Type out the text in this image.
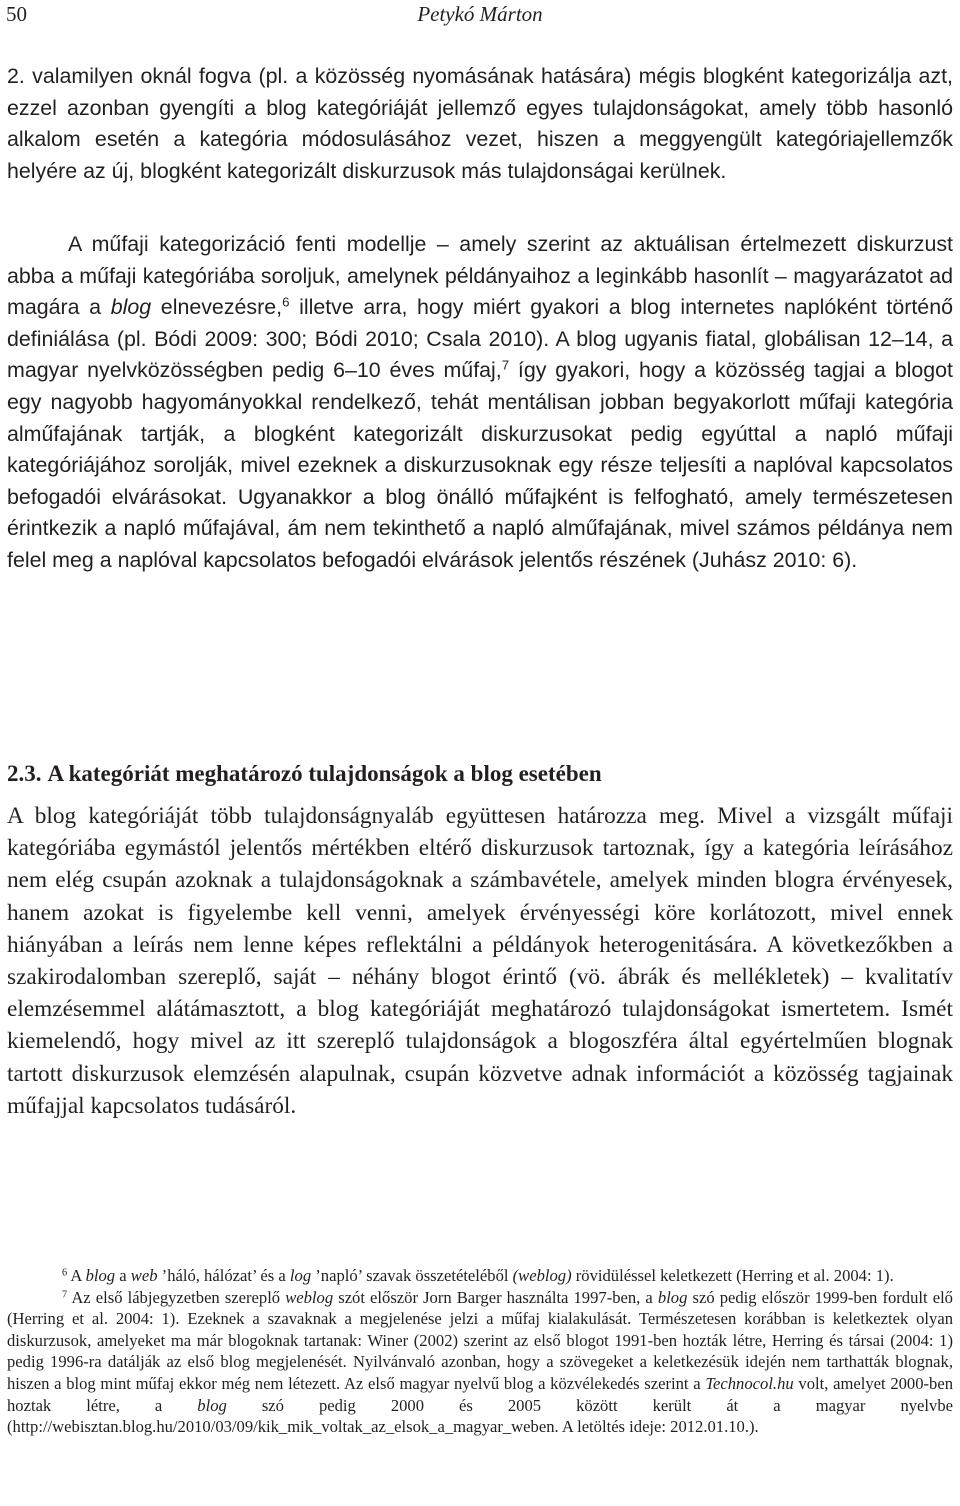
50	Petykó Márton

2. valamilyen oknál fogva (pl. a közösség nyomásának hatására) mégis blogként kategorizálja azt, ezzel azonban gyengíti a blog kategóriáját jellemző egyes tulajdonságokat, amely több hasonló alkalom esetén a kategória módosulásához vezet, hiszen a meggyengült kategóriajellemzők helyére az új, blogként kategorizált diskurzusok más tulajdonságai kerülnek.

A műfaji kategorizáció fenti modellje – amely szerint az aktuálisan értelmezett diskurzust abba a műfaji kategóriába soroljuk, amelynek példányaihoz a leginkább hasonlít – magyarázatot ad magára a blog elnevezésre,$^6$ illetve arra, hogy miért gyakori a blog internetes naplóként történő definiálása (pl. Bódi 2009: 300; Bódi 2010; Csala 2010). A blog ugyanis fiatal, globálisan 12–14, a magyar nyelvközösségben pedig 6–10 éves műfaj,$^7$ így gyakori, hogy a közösség tagjai a blogot egy nagyobb hagyományokkal rendelkező, tehát mentálisan jobban begyakorlott műfaji kategória alműfajának tartják, a blogként kategorizált diskurzusokat pedig egyúttal a napló műfaji kategóriájához sorolják, mivel ezeknek a diskurzusoknak egy része teljesíti a naplóval kapcsolatos befogadói elvárásokat. Ugyanakkor a blog önálló műfajként is felfogható, amely természetesen érintkezik a napló műfajával, ám nem tekinthető a napló alműfajának, mivel számos példánya nem felel meg a naplóval kapcsolatos befogadói elvárások jelentős részének (Juhász 2010: 6).

2.3. A kategóriát meghatározó tulajdonságok a blog esetében

A blog kategóriáját több tulajdonságnyaláb együttesen határozza meg. Mivel a vizsgált műfaji kategóriába egymástól jelentős mértékben eltérő diskurzusok tartoznak, így a kategória leírásához nem elég csupán azoknak a tulajdonságoknak a számbavétele, amelyek minden blogra érvényesek, hanem azokat is figyelembe kell venni, amelyek érvényességi köre korlátozott, mivel ennek hiányában a leírás nem lenne képes reflektálni a példányok heterogenitására. A következőkben a szakirodalomban szereplő, saját – néhány blogot érintő (vö. ábrák és mellékletek) – kvalitatív elemzésemmel alátámasztott, a blog kategóriáját meghatározó tulajdonságokat ismertetem. Ismét kiemelendő, hogy mivel az itt szereplő tulajdonságok a blogoszféra által egyértelműen blognak tartott diskurzusok elemzésén alapulnak, csupán közvetve adnak információt a közösség tagjainak műfajjal kapcsolatos tudásáról.

$^6$ A blog a web ’háló, hálózat’ és a log ’napló’ szavak összetételéből (weblog) rövidüléssel keletkezett (Herring et al. 2004: 1).

$^7$ Az első lábjegyzetben szereplő weblog szót először Jorn Barger használta 1997-ben, a blog szó pedig először 1999-ben fordult elő (Herring et al. 2004: 1). Ezeknek a szavaknak a megjelenése jelzi a műfaj kialakulását. Természetesen korábban is keletkeztek olyan diskurzusok, amelyeket ma már blogoknak tartanak: Winer (2002) szerint az első blogot 1991-ben hozták létre, Herring és társai (2004: 1) pedig 1996-ra datálják az első blog megjelenését. Nyilvánvaló azonban, hogy a szövegeket a keletkezésük idején nem tarthatták blognak, hiszen a blog mint műfaj ekkor még nem létezett. Az első magyar nyelvű blog a közvélekedés szerint a Technocol.hu volt, amelyet 2000-ben hoztak létre, a blog szó pedig 2000 és 2005 között került át a magyar nyelvbe (http://webisztan.blog.hu/2010/03/09/kik_mik_voltak_az_elsok_a_magyar_weben. A letöltés ideje: 2012.01.10.).
